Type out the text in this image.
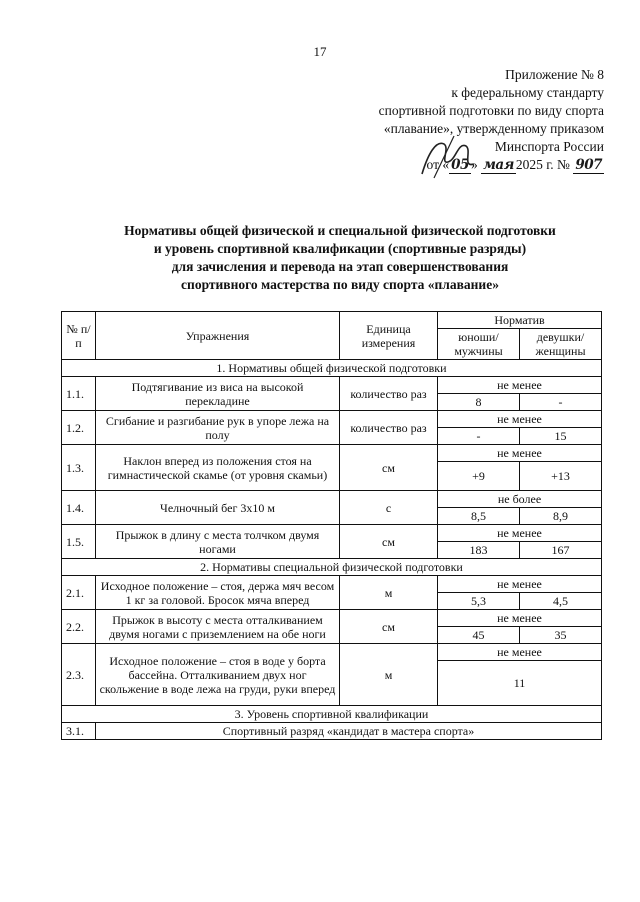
17
Приложение № 8
к федеральному стандарту
спортивной подготовки по виду спорта
«плавание», утвержденному приказом
Минспорта России
от « 05 » мая 2025 г. № 907
Нормативы общей физической и специальной физической подготовки
и уровень спортивной квалификации (спортивные разряды)
для зачисления и перевода на этап совершенствования
спортивного мастерства по виду спорта «плавание»
№ п/п	Упражнения	Единица измерения	Норматив	
			юноши/ мужчины	девушки/ женщины
1. Нормативы общей физической подготовки				
1.1.	Подтягивание из виса на высокой перекладине	количество раз	не менее	
			8	-
1.2.	Сгибание и разгибание рук в упоре лежа на полу	количество раз	не менее	
			-	15
1.3.	Наклон вперед из положения стоя на гимнастической скамье (от уровня скамьи)	см	не менее	
			+9	+13
1.4.	Челночный бег 3х10 м	с	не более	
			8,5	8,9
1.5.	Прыжок в длину с места толчком двумя ногами	см	не менее	
			183	167
2. Нормативы специальной физической подготовки				
2.1.	Исходное положение – стоя, держа мяч весом 1 кг за головой. Бросок мяча вперед	м	не менее	
			5,3	4,5
2.2.	Прыжок в высоту с места отталкиванием двумя ногами с приземлением на обе ноги	см	не менее	
			45	35
2.3.	Исходное положение – стоя в воде у борта бассейна. Отталкиванием двух ног скольжение в воде лежа на груди, руки вперед	м	не менее	
			11	
3. Уровень спортивной квалификации				
3.1.	Спортивный разряд «кандидат в мастера спорта»			
